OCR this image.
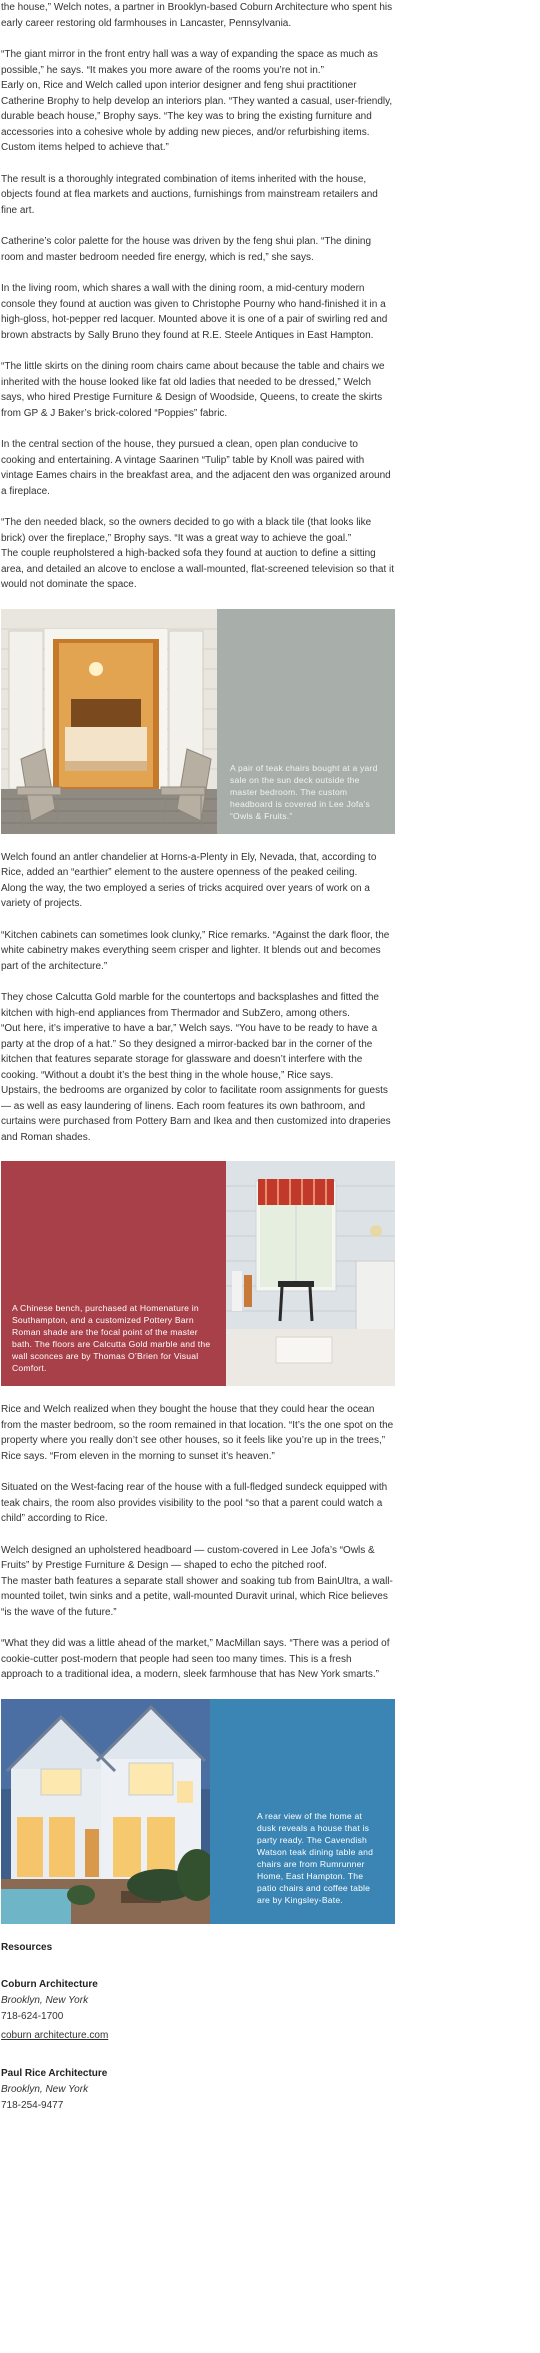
the house,” Welch notes, a partner in Brooklyn-based Coburn Architecture who spent his early career restoring old farmhouses in Lancaster, Pennsylvania.

“The giant mirror in the front entry hall was a way of expanding the space as much as possible,” he says. “It makes you more aware of the rooms you’re not in.”

Early on, Rice and Welch called upon interior designer and feng shui practitioner Catherine Brophy to help develop an interiors plan. “They wanted a casual, user-friendly, durable beach house,” Brophy says. “The key was to bring the existing furniture and accessories into a cohesive whole by adding new pieces, and/or refurbishing items. Custom items helped to achieve that.”

The result is a thoroughly integrated combination of items inherited with the house, objects found at flea markets and auctions, furnishings from mainstream retailers and fine art.

Catherine’s color palette for the house was driven by the feng shui plan. “The dining room and master bedroom needed fire energy, which is red,” she says.

In the living room, which shares a wall with the dining room, a mid-century modern console they found at auction was given to Christophe Pourny who hand-finished it in a high-gloss, hot-pepper red lacquer. Mounted above it is one of a pair of swirling red and brown abstracts by Sally Bruno they found at R.E. Steele Antiques in East Hampton.

“The little skirts on the dining room chairs came about because the table and chairs we inherited with the house looked like fat old ladies that needed to be dressed,” Welch says, who hired Prestige Furniture & Design of Woodside, Queens, to create the skirts from GP & J Baker’s brick-colored “Poppies” fabric.

In the central section of the house, they pursued a clean, open plan conducive to cooking and entertaining. A vintage Saarinen “Tulip” table by Knoll was paired with vintage Eames chairs in the breakfast area, and the adjacent den was organized around a fireplace.

“The den needed black, so the owners decided to go with a black tile (that looks like brick) over the fireplace,” Brophy says. “It was a great way to achieve the goal.”

The couple reupholstered a high-backed sofa they found at auction to define a sitting area, and detailed an alcove to enclose a wall-mounted, flat-screened television so that it would not dominate the space.

A pair of teak chairs bought at a yard sale on the sun deck outside the master bedroom. The custom headboard is covered in Lee Jofa’s “Owls & Fruits.”

Welch found an antler chandelier at Horns-a-Plenty in Ely, Nevada, that, according to Rice, added an “earthier” element to the austere openness of the peaked ceiling.

Along the way, the two employed a series of tricks acquired over years of work on a variety of projects.

“Kitchen cabinets can sometimes look clunky,” Rice remarks. “Against the dark floor, the white cabinetry makes everything seem crisper and lighter. It blends out and becomes part of the architecture.”

They chose Calcutta Gold marble for the countertops and backsplashes and fitted the kitchen with high-end appliances from Thermador and SubZero, among others.

“Out here, it’s imperative to have a bar,” Welch says. “You have to be ready to have a party at the drop of a hat.” So they designed a mirror-backed bar in the corner of the kitchen that features separate storage for glassware and doesn’t interfere with the cooking. “Without a doubt it’s the best thing in the whole house,” Rice says.

Upstairs, the bedrooms are organized by color to facilitate room assignments for guests — as well as easy laundering of linens. Each room features its own bathroom, and curtains were purchased from Pottery Barn and Ikea and then customized into draperies and Roman shades.

A Chinese bench, purchased at Homenature in Southampton, and a customized Pottery Barn Roman shade are the focal point of the master bath. The floors are Calcutta Gold marble and the wall sconces are by Thomas O’Brien for Visual Comfort.

Rice and Welch realized when they bought the house that they could hear the ocean from the master bedroom, so the room remained in that location. “It’s the one spot on the property where you really don’t see other houses, so it feels like you’re up in the trees,” Rice says. “From eleven in the morning to sunset it’s heaven.”

Situated on the West-facing rear of the house with a full-fledged sundeck equipped with teak chairs, the room also provides visibility to the pool “so that a parent could watch a child” according to Rice.

Welch designed an upholstered headboard — custom-covered in Lee Jofa’s “Owls & Fruits” by Prestige Furniture & Design — shaped to echo the pitched roof.

The master bath features a separate stall shower and soaking tub from BainUltra, a wall-mounted toilet, twin sinks and a petite, wall-mounted Duravit urinal, which Rice believes “is the wave of the future.”

“What they did was a little ahead of the market,” MacMillan says. “There was a period of cookie-cutter post-modern that people had seen too many times. This is a fresh approach to a traditional idea, a modern, sleek farmhouse that has New York smarts.”

A rear view of the home at dusk reveals a house that is party ready. The Cavendish Watson teak dining table and chairs are from Rumrunner Home, East Hampton. The patio chairs and coffee table are by Kingsley-Bate.
Resources
Coburn Architecture
Brooklyn, New York
718-624-1700
coburn architecture.com
Paul Rice Architecture
Brooklyn, New York
718-254-9477
